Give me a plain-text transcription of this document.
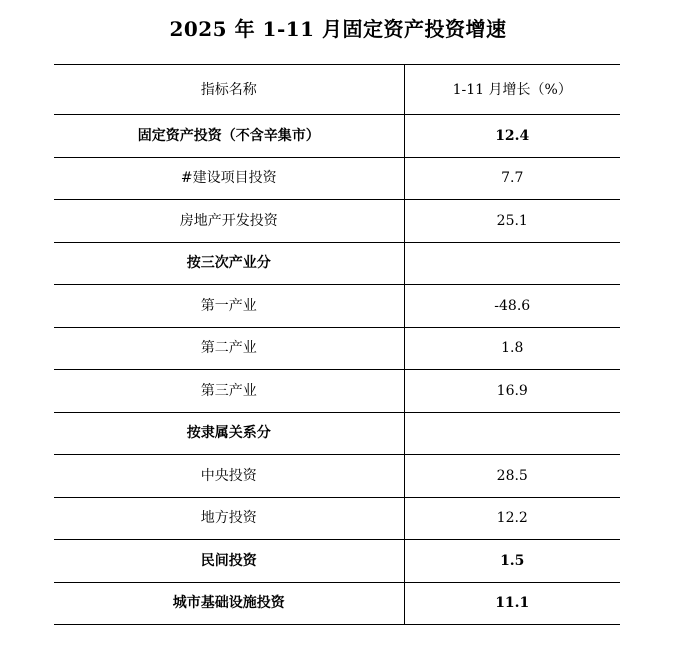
2025 年 1-11 月固定资产投资增速
指标名称	1-11 月增长（%）
固定资产投资（不含辛集市）	12.4
#建设项目投资	7.7
房地产开发投资	25.1
按三次产业分	
第一产业	-48.6
第二产业	1.8
第三产业	16.9
按隶属关系分	
中央投资	28.5
地方投资	12.2
民间投资	1.5
城市基础设施投资	11.1
